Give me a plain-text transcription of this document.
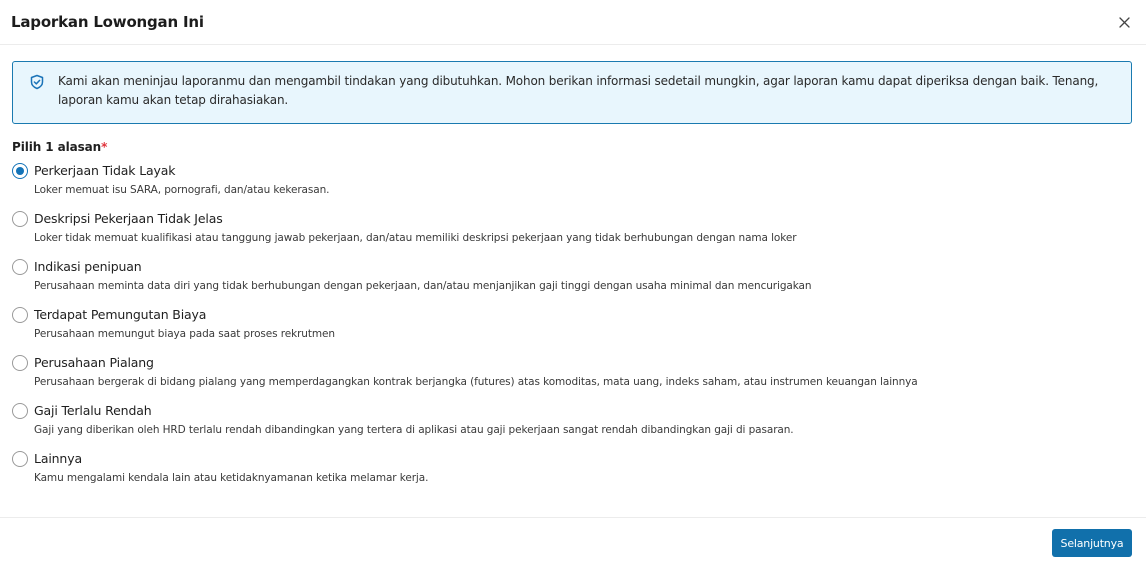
Laporkan Lowongan Ini

Kami akan meninjau laporanmu dan mengambil tindakan yang dibutuhkan. Mohon berikan informasi sedetail mungkin, agar laporan kamu dapat diperiksa dengan baik. Tenang, laporan kamu akan tetap dirahasiakan.

Pilih 1 alasan*
Perkerjaan Tidak Layak
Loker memuat isu SARA, pornografi, dan/atau kekerasan.
Deskripsi Pekerjaan Tidak Jelas
Loker tidak memuat kualifikasi atau tanggung jawab pekerjaan, dan/atau memiliki deskripsi pekerjaan yang tidak berhubungan dengan nama loker
Indikasi penipuan
Perusahaan meminta data diri yang tidak berhubungan dengan pekerjaan, dan/atau menjanjikan gaji tinggi dengan usaha minimal dan mencurigakan
Terdapat Pemungutan Biaya
Perusahaan memungut biaya pada saat proses rekrutmen
Perusahaan Pialang
Perusahaan bergerak di bidang pialang yang memperdagangkan kontrak berjangka (futures) atas komoditas, mata uang, indeks saham, atau instrumen keuangan lainnya
Gaji Terlalu Rendah
Gaji yang diberikan oleh HRD terlalu rendah dibandingkan yang tertera di aplikasi atau gaji pekerjaan sangat rendah dibandingkan gaji di pasaran.
Lainnya
Kamu mengalami kendala lain atau ketidaknyamanan ketika melamar kerja.
Selanjutnya
